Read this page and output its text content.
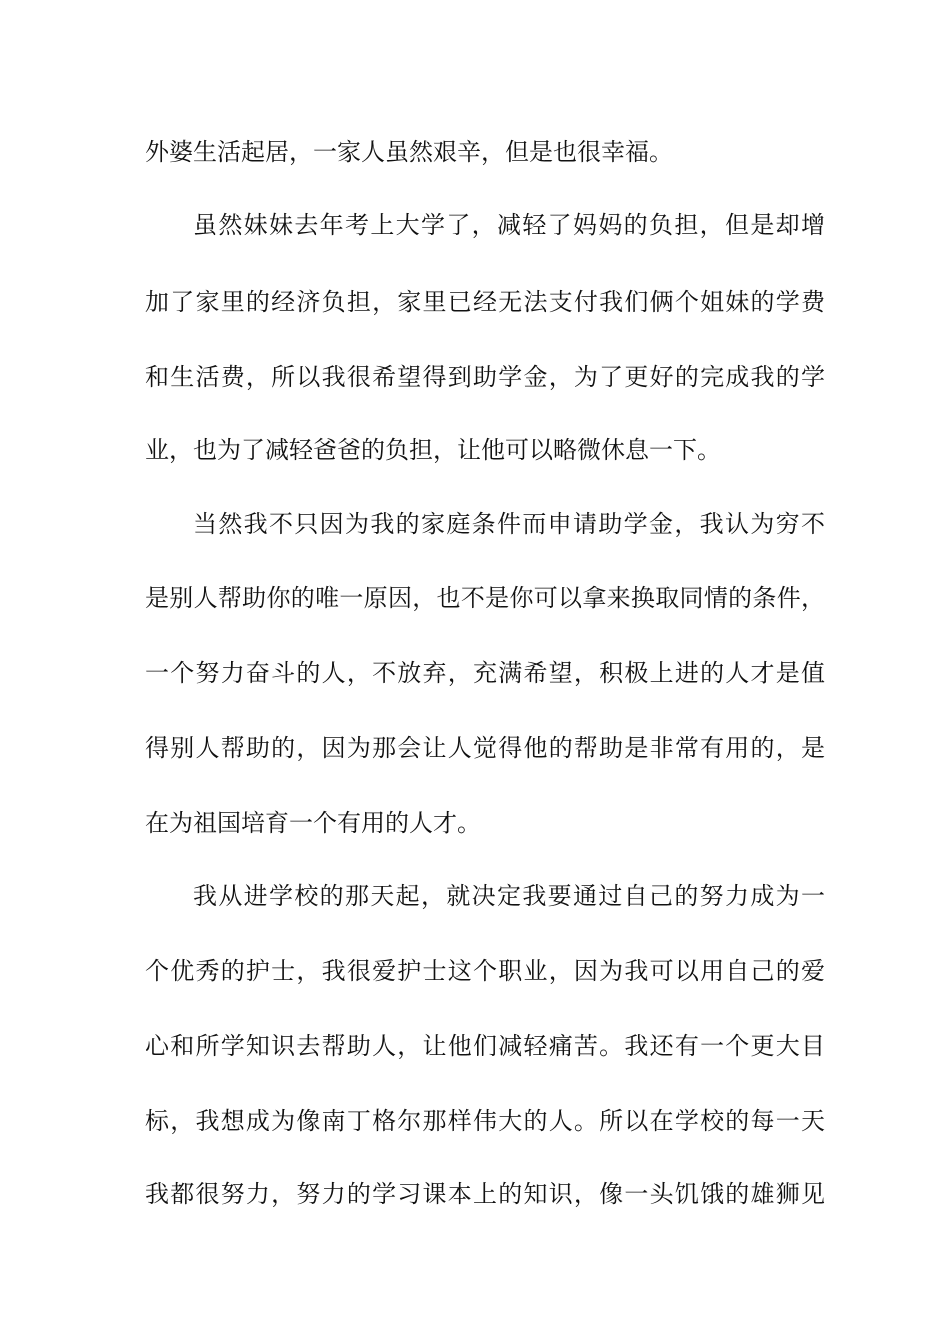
外婆生活起居，一家人虽然艰辛，但是也很幸福。
虽然妹妹去年考上大学了，减轻了妈妈的负担，但是却增
加了家里的经济负担，家里已经无法支付我们俩个姐妹的学费
和生活费，所以我很希望得到助学金，为了更好的完成我的学
业，也为了减轻爸爸的负担，让他可以略微休息一下。
当然我不只因为我的家庭条件而申请助学金，我认为穷不
是别人帮助你的唯一原因，也不是你可以拿来换取同情的条件，
一个努力奋斗的人，不放弃，充满希望，积极上进的人才是值
得别人帮助的，因为那会让人觉得他的帮助是非常有用的，是
在为祖国培育一个有用的人才。
我从进学校的那天起，就决定我要通过自己的努力成为一
个优秀的护士，我很爱护士这个职业，因为我可以用自己的爱
心和所学知识去帮助人，让他们减轻痛苦。我还有一个更大目
标，我想成为像南丁格尔那样伟大的人。所以在学校的每一天
我都很努力，努力的学习课本上的知识，像一头饥饿的雄狮见
